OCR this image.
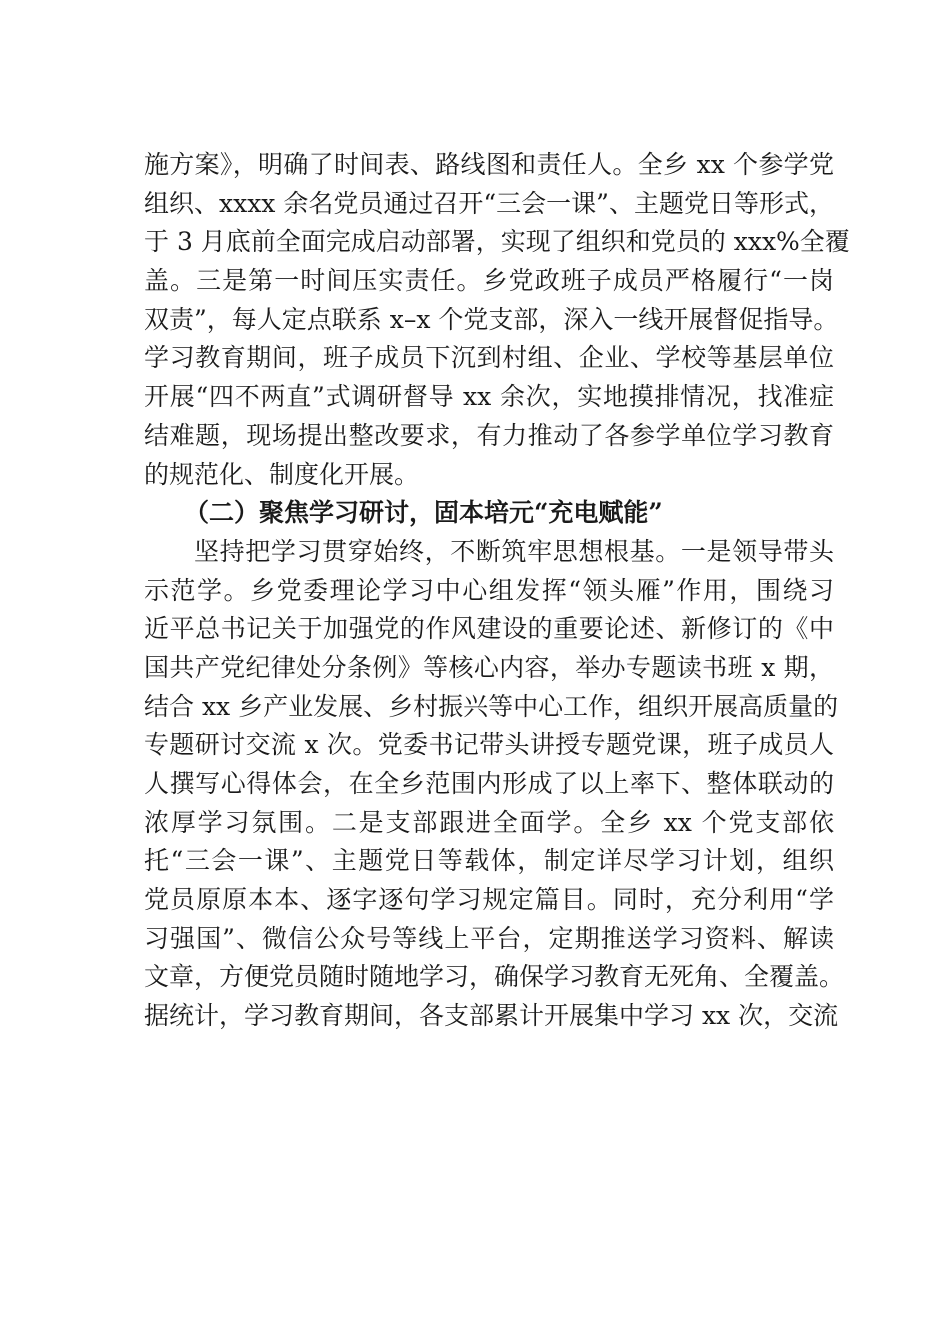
施方案》，明确了时间表、路线图和责任人。全乡 xx 个参学党
组织、xxxx 余名党员通过召开“三会一课”、主题党日等形式，
于 3 月底前全面完成启动部署，实现了组织和党员的 xxx%全覆
盖。三是第一时间压实责任。乡党政班子成员严格履行“一岗
双责”，每人定点联系 x–x 个党支部，深入一线开展督促指导。
学习教育期间，班子成员下沉到村组、企业、学校等基层单位
开展“四不两直”式调研督导 xx 余次，实地摸排情况，找准症
结难题，现场提出整改要求，有力推动了各参学单位学习教育
的规范化、制度化开展。
（二）聚焦学习研讨，固本培元“充电赋能”
坚持把学习贯穿始终，不断筑牢思想根基。一是领导带头
示范学。乡党委理论学习中心组发挥“领头雁”作用，围绕习
近平总书记关于加强党的作风建设的重要论述、新修订的《中
国共产党纪律处分条例》等核心内容，举办专题读书班 x 期，
结合 xx 乡产业发展、乡村振兴等中心工作，组织开展高质量的
专题研讨交流 x 次。党委书记带头讲授专题党课，班子成员人
人撰写心得体会，在全乡范围内形成了以上率下、整体联动的
浓厚学习氛围。二是支部跟进全面学。全乡 xx 个党支部依
托“三会一课”、主题党日等载体，制定详尽学习计划，组织
党员原原本本、逐字逐句学习规定篇目。同时，充分利用“学
习强国”、微信公众号等线上平台，定期推送学习资料、解读
文章，方便党员随时随地学习，确保学习教育无死角、全覆盖。
据统计，学习教育期间，各支部累计开展集中学习 xx 次，交流
